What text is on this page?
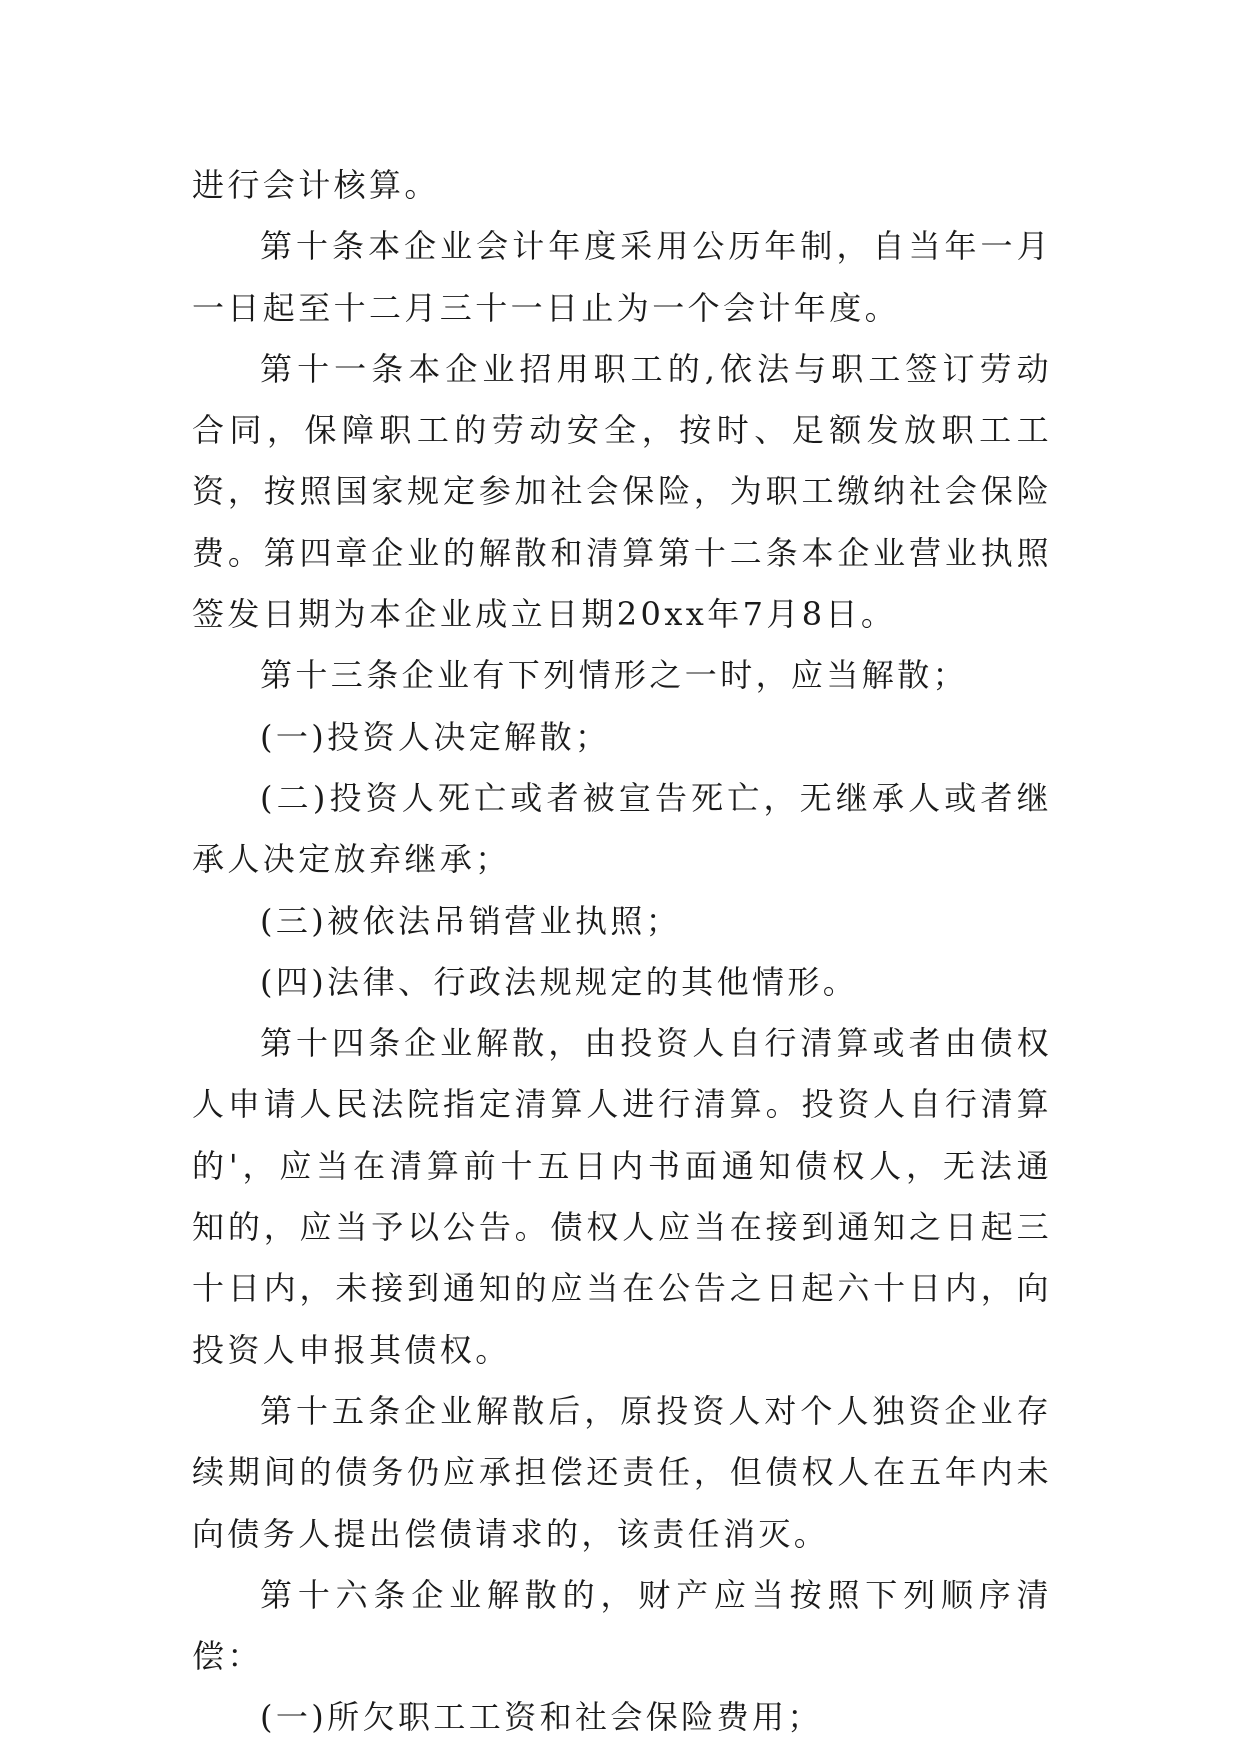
进行会计核算。

第十条本企业会计年度采用公历年制，自当年一月一日起至十二月三十一日止为一个会计年度。

第十一条本企业招用职工的,依法与职工签订劳动合同，保障职工的劳动安全，按时、足额发放职工工资，按照国家规定参加社会保险，为职工缴纳社会保险费。第四章企业的解散和清算第十二条本企业营业执照签发日期为本企业成立日期20xx年7月8日。

第十三条企业有下列情形之一时，应当解散；

(一)投资人决定解散；

(二)投资人死亡或者被宣告死亡，无继承人或者继承人决定放弃继承；

(三)被依法吊销营业执照；

(四)法律、行政法规规定的其他情形。

第十四条企业解散，由投资人自行清算或者由债权人申请人民法院指定清算人进行清算。投资人自行清算的'，应当在清算前十五日内书面通知债权人，无法通知的，应当予以公告。债权人应当在接到通知之日起三十日内，未接到通知的应当在公告之日起六十日内，向投资人申报其债权。

第十五条企业解散后，原投资人对个人独资企业存续期间的债务仍应承担偿还责任，但债权人在五年内未向债务人提出偿债请求的，该责任消灭。

第十六条企业解散的，财产应当按照下列顺序清偿：

(一)所欠职工工资和社会保险费用；
